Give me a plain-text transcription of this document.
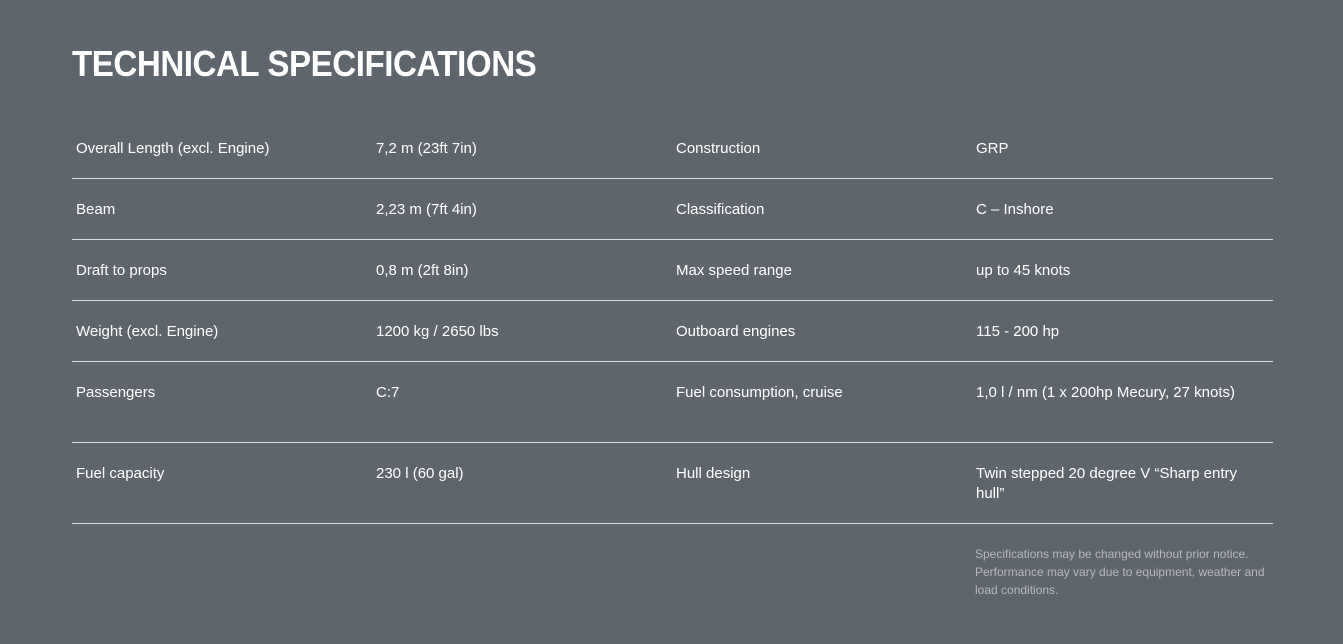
TECHNICAL SPECIFICATIONS
Overall Length (excl. Engine)	7,2 m (23ft 7in)	Construction	GRP
Beam	2,23 m (7ft 4in)	Classification	C – Inshore
Draft to props	0,8 m (2ft 8in)	Max speed range	up to 45 knots
Weight (excl. Engine)	1200 kg / 2650 lbs	Outboard engines	115 - 200 hp
Passengers	C:7	Fuel consumption, cruise	1,0 l / nm (1 x 200hp Mecury, 27 knots)
Fuel capacity	230 l (60 gal)	Hull design	Twin stepped 20 degree V “Sharp entry hull”
Specifications may be changed without prior notice. Performance may vary due to equipment, weather and load conditions.
